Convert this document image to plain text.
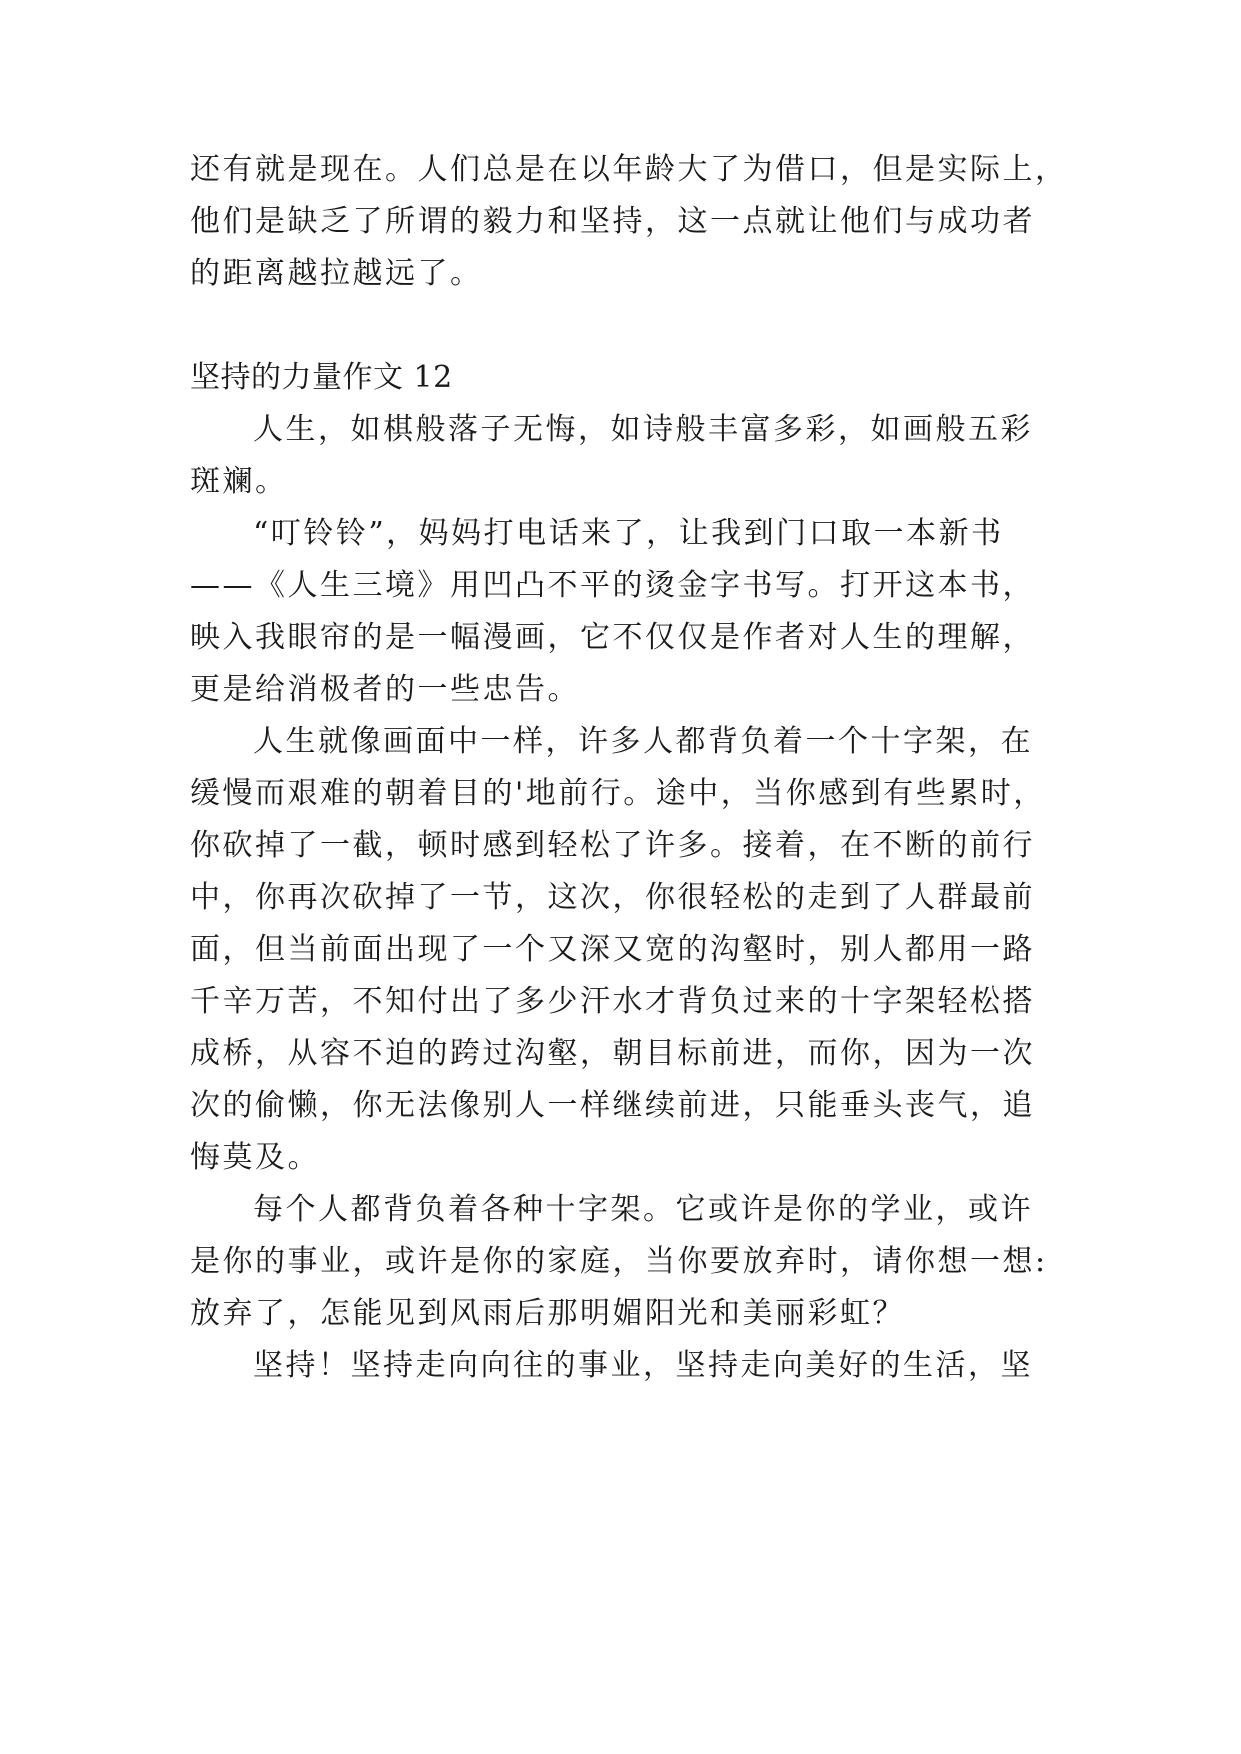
还有就是现在。人们总是在以年龄大了为借口，但是实际上，

他们是缺乏了所谓的毅力和坚持，这一点就让他们与成功者

的距离越拉越远了。

坚持的力量作文 12

人生，如棋般落子无悔，如诗般丰富多彩，如画般五彩

斑斓。

“叮铃铃”，妈妈打电话来了，让我到门口取一本新书

——《人生三境》用凹凸不平的烫金字书写。打开这本书，

映入我眼帘的是一幅漫画，它不仅仅是作者对人生的理解，

更是给消极者的一些忠告。

人生就像画面中一样，许多人都背负着一个十字架，在

缓慢而艰难的朝着目的'地前行。途中，当你感到有些累时，

你砍掉了一截，顿时感到轻松了许多。接着，在不断的前行

中，你再次砍掉了一节，这次，你很轻松的走到了人群最前

面，但当前面出现了一个又深又宽的沟壑时，别人都用一路

千辛万苦，不知付出了多少汗水才背负过来的十字架轻松搭

成桥，从容不迫的跨过沟壑，朝目标前进，而你，因为一次

次的偷懒，你无法像别人一样继续前进，只能垂头丧气，追

悔莫及。

每个人都背负着各种十字架。它或许是你的学业，或许

是你的事业，或许是你的家庭，当你要放弃时，请你想一想:

放弃了，怎能见到风雨后那明媚阳光和美丽彩虹？

坚持！坚持走向向往的事业，坚持走向美好的生活，坚
